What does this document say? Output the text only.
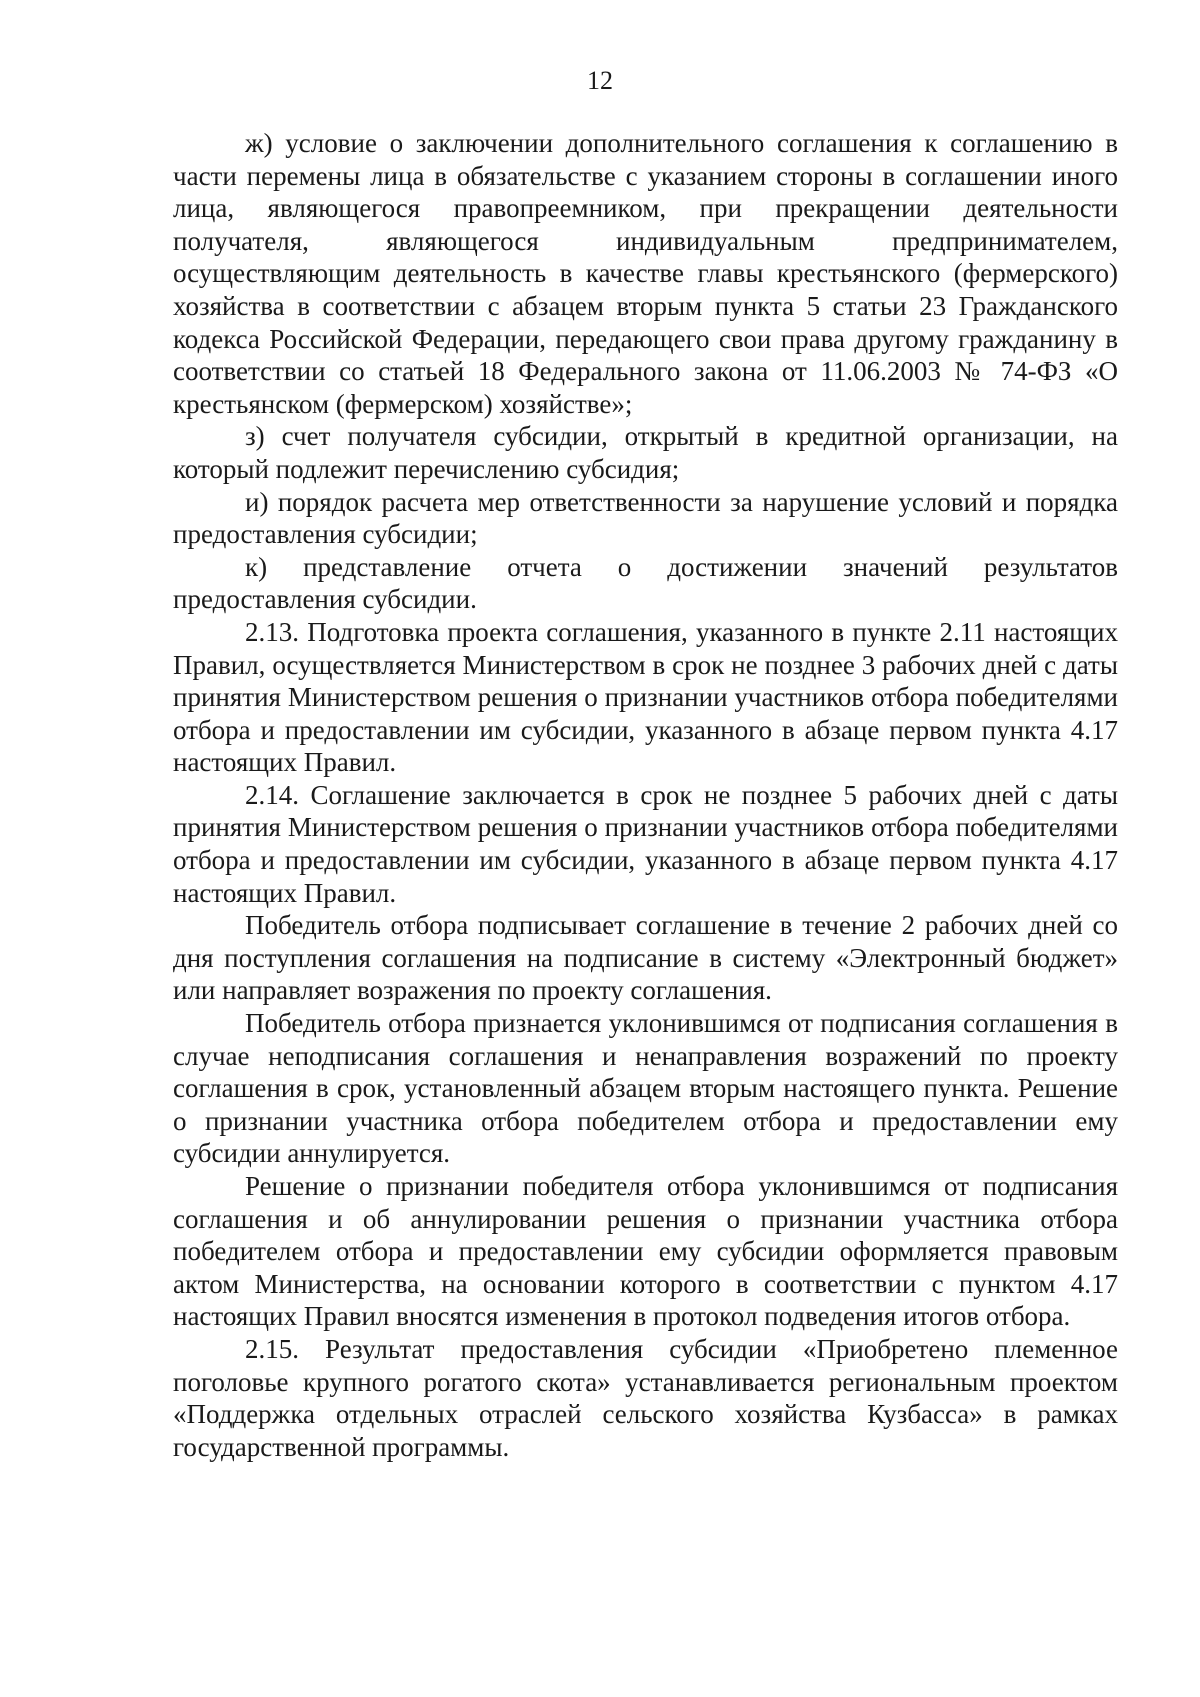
12

ж) условие о заключении дополнительного соглашения к соглашению в части перемены лица в обязательстве с указанием стороны в соглашении иного лица, являющегося правопреемником, при прекращении деятельности получателя, являющегося индивидуальным предпринимателем, осуществляющим деятельность в качестве главы крестьянского (фермерского) хозяйства в соответствии с абзацем вторым пункта 5 статьи 23 Гражданского кодекса Российской Федерации, передающего свои права другому гражданину в соответствии со статьей 18 Федерального закона от 11.06.2003 № 74-ФЗ «О крестьянском (фермерском) хозяйстве»;

з) счет получателя субсидии, открытый в кредитной организации, на который подлежит перечислению субсидия;

и) порядок расчета мер ответственности за нарушение условий и порядка предоставления субсидии;

к) представление отчета о достижении значений результатов предоставления субсидии.

2.13. Подготовка проекта соглашения, указанного в пункте 2.11 настоящих Правил, осуществляется Министерством в срок не позднее 3 рабочих дней с даты принятия Министерством решения о признании участников отбора победителями отбора и предоставлении им субсидии, указанного в абзаце первом пункта 4.17 настоящих Правил.

2.14. Соглашение заключается в срок не позднее 5 рабочих дней с даты принятия Министерством решения о признании участников отбора победителями отбора и предоставлении им субсидии, указанного в абзаце первом пункта 4.17 настоящих Правил.

Победитель отбора подписывает соглашение в течение 2 рабочих дней со дня поступления соглашения на подписание в систему «Электронный бюджет» или направляет возражения по проекту соглашения.

Победитель отбора признается уклонившимся от подписания соглашения в случае неподписания соглашения и ненаправления возражений по проекту соглашения в срок, установленный абзацем вторым настоящего пункта. Решение о признании участника отбора победителем отбора и предоставлении ему субсидии аннулируется.

Решение о признании победителя отбора уклонившимся от подписания соглашения и об аннулировании решения о признании участника отбора победителем отбора и предоставлении ему субсидии оформляется правовым актом Министерства, на основании которого в соответствии с пунктом 4.17 настоящих Правил вносятся изменения в протокол подведения итогов отбора.

2.15. Результат предоставления субсидии «Приобретено племенное поголовье крупного рогатого скота» устанавливается региональным проектом «Поддержка отдельных отраслей сельского хозяйства Кузбасса» в рамках государственной программы.
